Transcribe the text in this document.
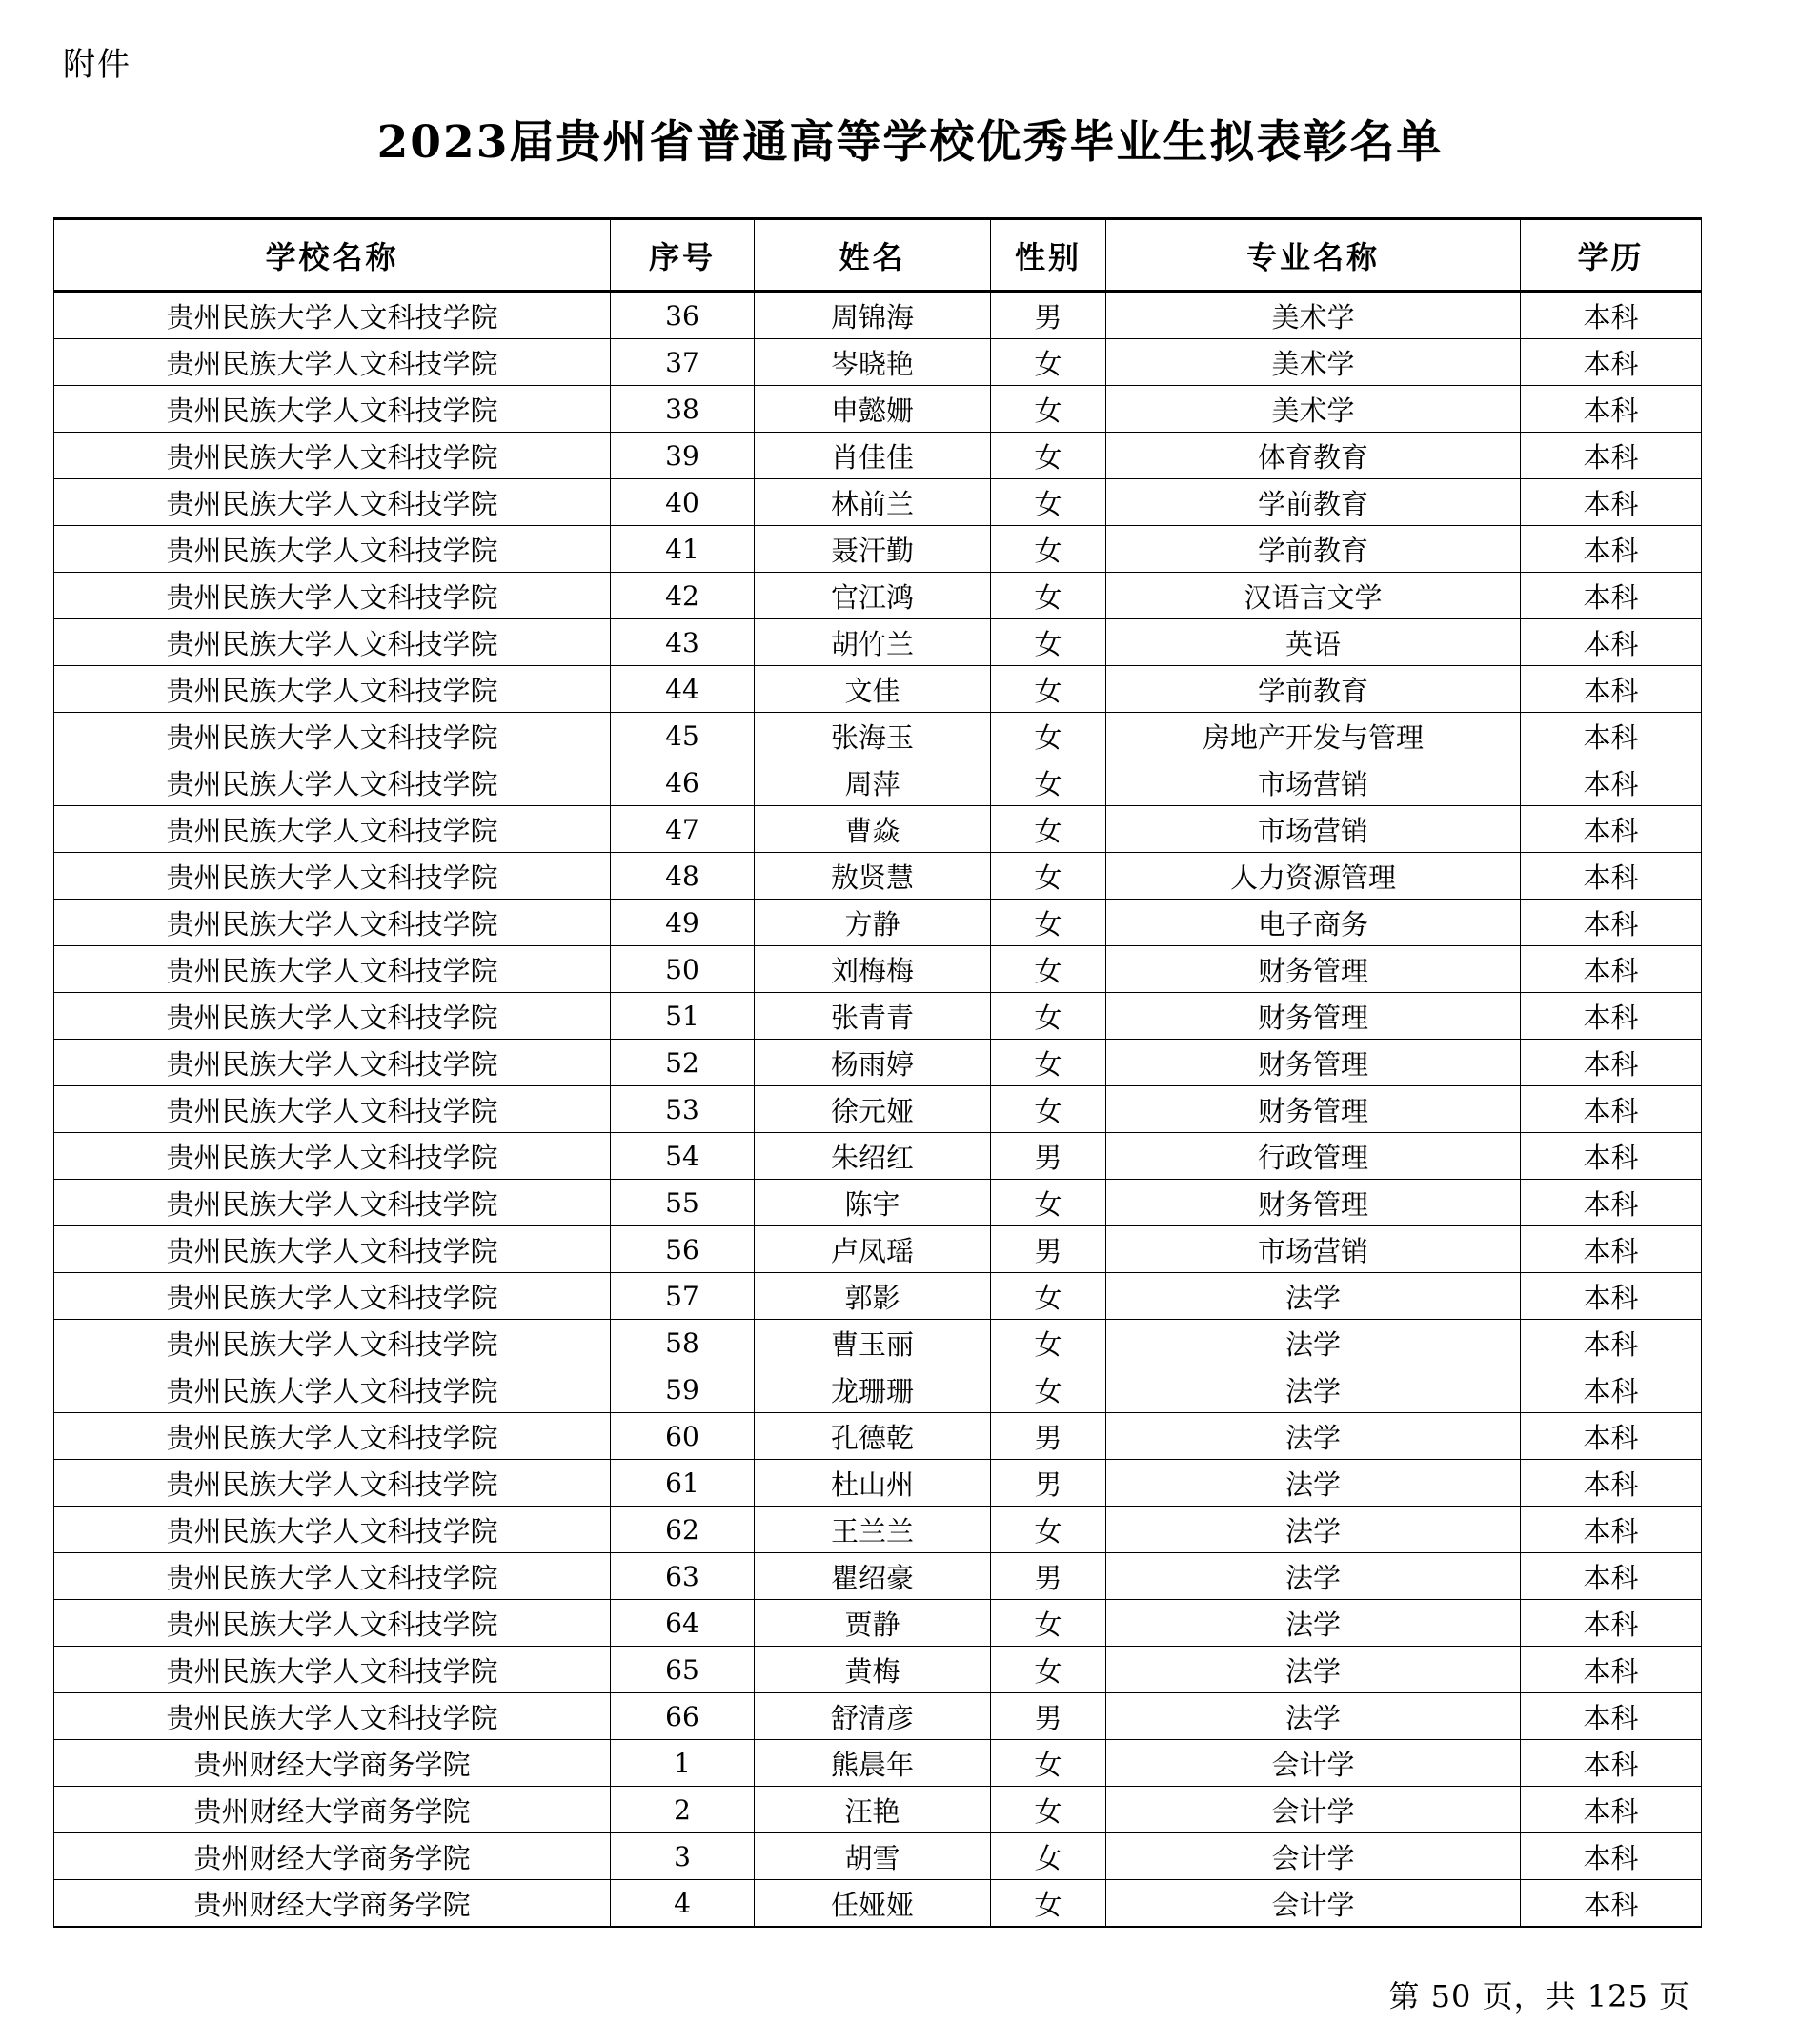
附件
2023届贵州省普通高等学校优秀毕业生拟表彰名单
学校名称	序号	姓名	性别	专业名称	学历
贵州民族大学人文科技学院	36	周锦海	男	美术学	本科
贵州民族大学人文科技学院	37	岑晓艳	女	美术学	本科
贵州民族大学人文科技学院	38	申懿姗	女	美术学	本科
贵州民族大学人文科技学院	39	肖佳佳	女	体育教育	本科
贵州民族大学人文科技学院	40	林前兰	女	学前教育	本科
贵州民族大学人文科技学院	41	聂汗勤	女	学前教育	本科
贵州民族大学人文科技学院	42	官江鸿	女	汉语言文学	本科
贵州民族大学人文科技学院	43	胡竹兰	女	英语	本科
贵州民族大学人文科技学院	44	文佳	女	学前教育	本科
贵州民族大学人文科技学院	45	张海玉	女	房地产开发与管理	本科
贵州民族大学人文科技学院	46	周萍	女	市场营销	本科
贵州民族大学人文科技学院	47	曹焱	女	市场营销	本科
贵州民族大学人文科技学院	48	敖贤慧	女	人力资源管理	本科
贵州民族大学人文科技学院	49	方静	女	电子商务	本科
贵州民族大学人文科技学院	50	刘梅梅	女	财务管理	本科
贵州民族大学人文科技学院	51	张青青	女	财务管理	本科
贵州民族大学人文科技学院	52	杨雨婷	女	财务管理	本科
贵州民族大学人文科技学院	53	徐元娅	女	财务管理	本科
贵州民族大学人文科技学院	54	朱绍红	男	行政管理	本科
贵州民族大学人文科技学院	55	陈宇	女	财务管理	本科
贵州民族大学人文科技学院	56	卢凤瑶	男	市场营销	本科
贵州民族大学人文科技学院	57	郭影	女	法学	本科
贵州民族大学人文科技学院	58	曹玉丽	女	法学	本科
贵州民族大学人文科技学院	59	龙珊珊	女	法学	本科
贵州民族大学人文科技学院	60	孔德乾	男	法学	本科
贵州民族大学人文科技学院	61	杜山州	男	法学	本科
贵州民族大学人文科技学院	62	王兰兰	女	法学	本科
贵州民族大学人文科技学院	63	瞿绍豪	男	法学	本科
贵州民族大学人文科技学院	64	贾静	女	法学	本科
贵州民族大学人文科技学院	65	黄梅	女	法学	本科
贵州民族大学人文科技学院	66	舒清彦	男	法学	本科
贵州财经大学商务学院	1	熊晨年	女	会计学	本科
贵州财经大学商务学院	2	汪艳	女	会计学	本科
贵州财经大学商务学院	3	胡雪	女	会计学	本科
贵州财经大学商务学院	4	任娅娅	女	会计学	本科
第 50 页，共 125 页
